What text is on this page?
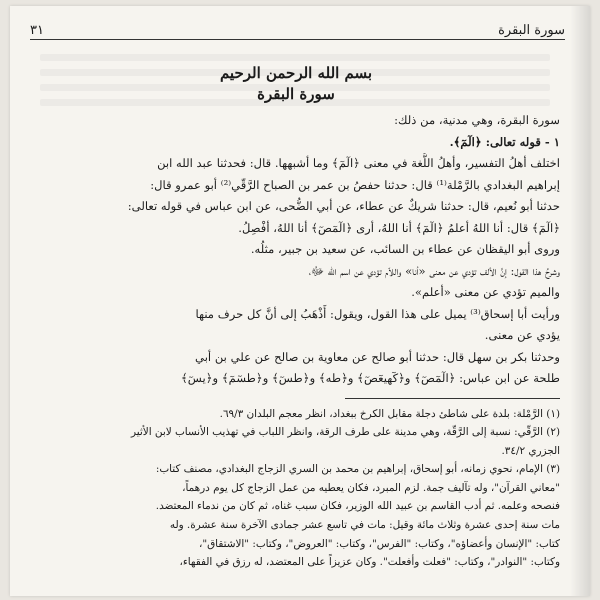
سورة البقرة
٣١

بسم الله الرحمن الرحيم

سورة البقرة

سورة البقرة، وهي مدنية، من ذلك:

١ - قوله تعالى: ﴿الٓمٓ﴾.

اختلف أهلُ التفسير، وأهلُ اللُّغة في معنى ﴿الٓمٓ﴾ وما أشبهها. قال: فحدثنا عبد الله ابن

إبراهيم البغدادي بالرَّمْلة⁽¹⁾ قال: حدثنا حفصُ بن عمر بن الصباح الرَّقّي⁽²⁾ أبو عمرو قال:

حدثنا أبو نُعيم، قال: حدثنا شريكٌ عن عطاء، عن أبي الضُّحى، عن ابن عباس في قوله تعالى:

﴿الٓمٓ﴾ قال: أنا اللهُ أعلمُ ﴿الٓمٓ﴾ أنا اللهُ، أرى ﴿الٓمٓصٓ﴾ أنا اللهُ، أفْصِلُ.

وروى أبو اليقظان عن عطاء بن السائب، عن سعيد بن جبير، مثلُه.

وشرحُ هذا القول: إنَّ الألف تؤدي عن معنى «أنا» واللاّم تؤدي عن اسم الله ﷻ،

والميم تؤدي عن معنى «أعلم».

ورأيت أبا إسحاق⁽³⁾ يميل على هذا القول، ويقول: أَذْهَبُ إلى أنَّ كل حرف منها

يؤدي عن معنى.

وحدثنا بكر بن سهل قال: حدثنا أبو صالح عن معاوية بن صالح عن علي بن أبي

طلحة عن ابن عباس: ﴿الٓمٓصٓ﴾ و﴿كٓهيعٓصٓ﴾ و﴿طه﴾ و﴿طسٓ﴾ و﴿طسٓمٓ﴾ و﴿يسٓ﴾

(١) الرَّمْلة: بلدة على شاطئ دجلة مقابل الكرخ ببغداد، انظر معجم البلدان ٦٩/٣.

(٢) الرَّقّي: نسبة إلى الرَّقّة، وهي مدينة على طرف الرقة، وانظر اللباب في تهذيب الأنساب لابن الأثير

الجزري ٣٤/٢.

(٣) الإمام، نحوي زمانه، أبو إسحاق، إبراهيم بن محمد بن السري الزجاج البغدادي، مصنف كتاب:

"معاني القرآن"، وله تآليف جمة. لزم المبرد، فكان يعطيه من عمل الزجاج كل يوم درهماً،

فنصحه وعلمه. ثم أدب القاسم بن عبيد الله الوزير، فكان سبب غناه، ثم كان من ندماء المعتضد.

مات سنة إحدى عشرة وثلاث مائة وقيل: مات في تاسع عشر جمادى الآخرة سنة عشرة. وله

كتاب: "الإنسان وأعضاؤه"، وكتاب: "الفرس"، وكتاب: "العروض"، وكتاب: "الاشتقاق"،

وكتاب: "النوادر"، وكتاب: "فعلت وأفعلت". وكان عزيزاً على المعتضد، له رزق في الفقهاء،
